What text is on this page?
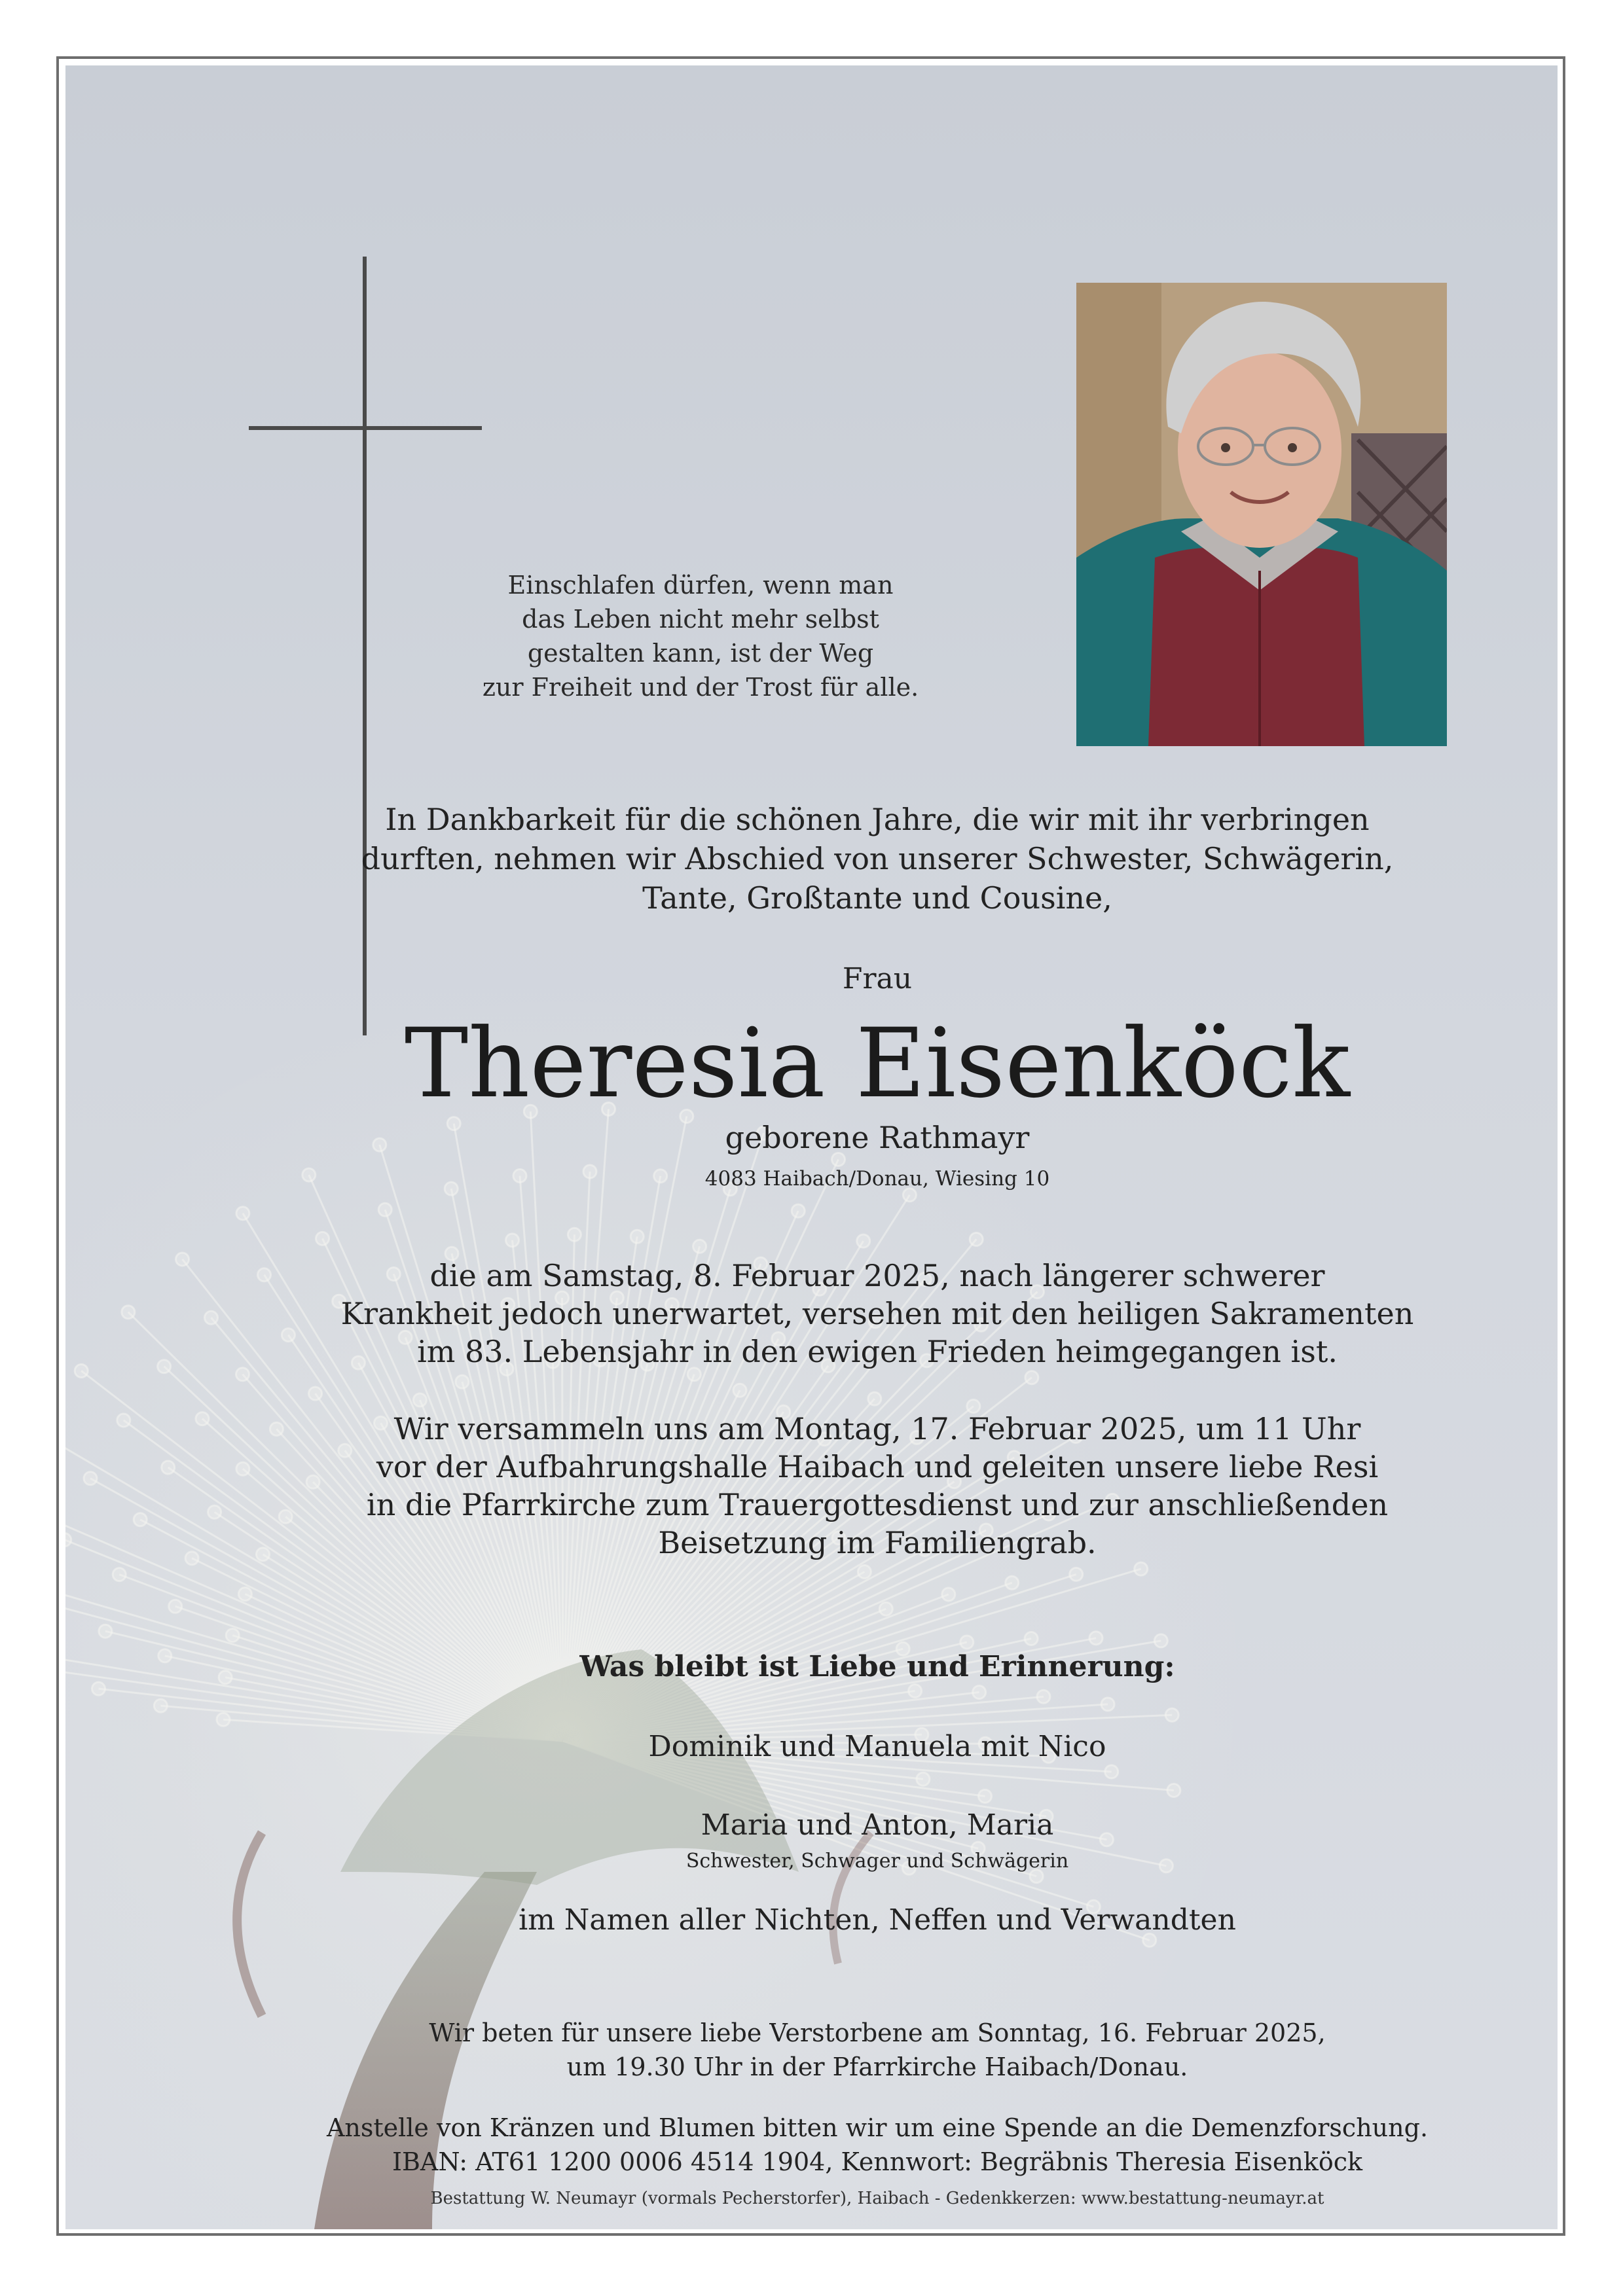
Einschlafen dürfen, wenn man
das Leben nicht mehr selbst
gestalten kann, ist der Weg
zur Freiheit und der Trost für alle.
In Dankbarkeit für die schönen Jahre, die wir mit ihr verbringen
durften, nehmen wir Abschied von unserer Schwester, Schwägerin,
Tante, Großtante und Cousine,
Frau
Theresia Eisenköck
geborene Rathmayr
4083 Haibach/Donau, Wiesing 10
die am Samstag, 8. Februar 2025, nach längerer schwerer
Krankheit jedoch unerwartet, versehen mit den heiligen Sakramenten
im 83. Lebensjahr in den ewigen Frieden heimgegangen ist.
Wir versammeln uns am Montag, 17. Februar 2025, um 11 Uhr
vor der Aufbahrungshalle Haibach und geleiten unsere liebe Resi
in die Pfarrkirche zum Trauergottesdienst und zur anschließenden
Beisetzung im Familiengrab.
Was bleibt ist Liebe und Erinnerung:
Dominik und Manuela mit Nico
Maria und Anton, Maria
Schwester, Schwager und Schwägerin
im Namen aller Nichten, Neffen und Verwandten
Wir beten für unsere liebe Verstorbene am Sonntag, 16. Februar 2025,
um 19.30 Uhr in der Pfarrkirche Haibach/Donau.
Anstelle von Kränzen und Blumen bitten wir um eine Spende an die Demenzforschung.
IBAN: AT61 1200 0006 4514 1904, Kennwort: Begräbnis Theresia Eisenköck
Bestattung W. Neumayr (vormals Pecherstorfer), Haibach - Gedenkkerzen: www.bestattung-neumayr.at
